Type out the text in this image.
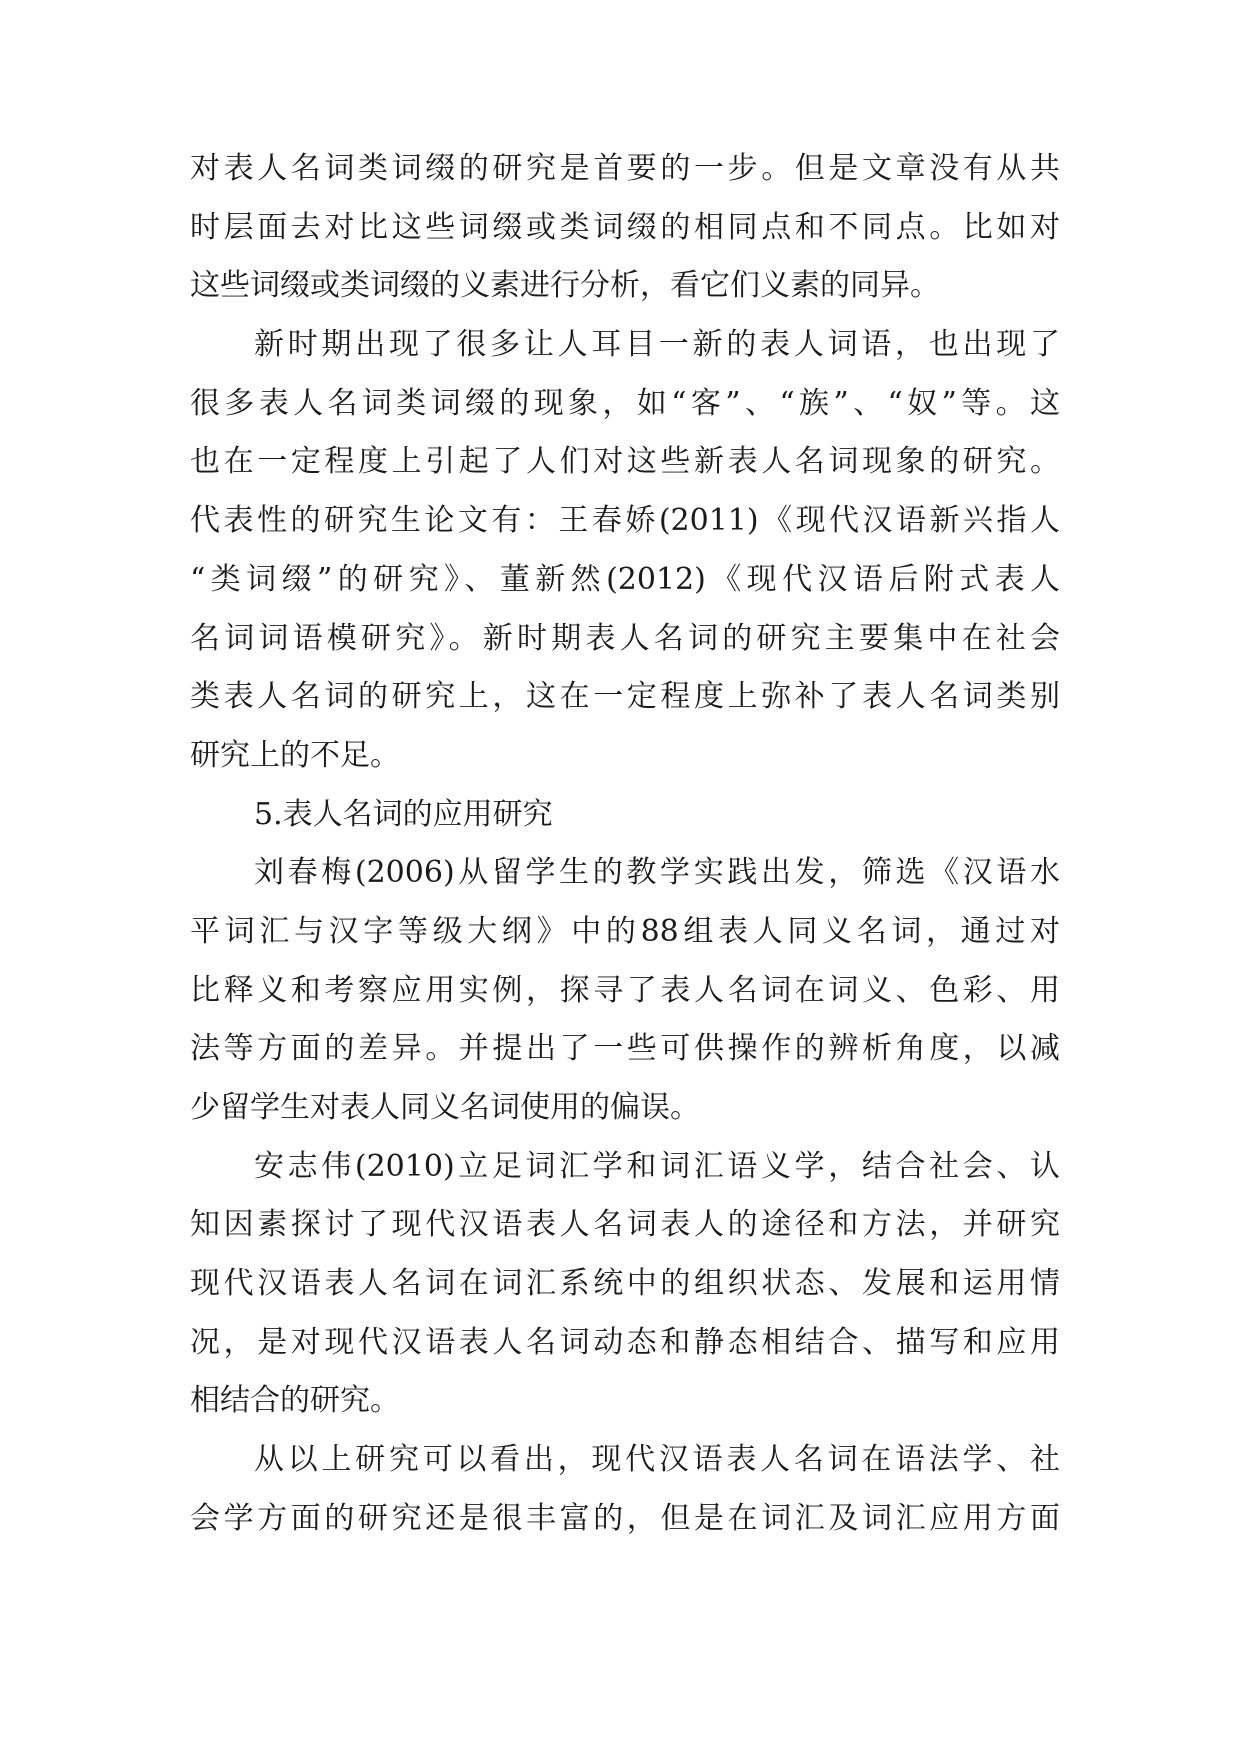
对表人名词类词缀的研究是首要的一步。但是文章没有从共
时层面去对比这些词缀或类词缀的相同点和不同点。比如对
这些词缀或类词缀的义素进行分析，看它们义素的同异。
新时期出现了很多让人耳目一新的表人词语，也出现了
很多表人名词类词缀的现象，如“客”、“族”、“奴”等。这
也在一定程度上引起了人们对这些新表人名词现象的研究。
代表性的研究生论文有：王春娇(2011)《现代汉语新兴指人
“类词缀”的研究》、董新然(2012)《现代汉语后附式表人
名词词语模研究》。新时期表人名词的研究主要集中在社会
类表人名词的研究上，这在一定程度上弥补了表人名词类别
研究上的不足。
5.表人名词的应用研究
刘春梅(2006)从留学生的教学实践出发，筛选《汉语水
平词汇与汉字等级大纲》中的88组表人同义名词，通过对
比释义和考察应用实例，探寻了表人名词在词义、色彩、用
法等方面的差异。并提出了一些可供操作的辨析角度，以减
少留学生对表人同义名词使用的偏误。
安志伟(2010)立足词汇学和词汇语义学，结合社会、认
知因素探讨了现代汉语表人名词表人的途径和方法，并研究
现代汉语表人名词在词汇系统中的组织状态、发展和运用情
况，是对现代汉语表人名词动态和静态相结合、描写和应用
相结合的研究。
从以上研究可以看出，现代汉语表人名词在语法学、社
会学方面的研究还是很丰富的，但是在词汇及词汇应用方面
